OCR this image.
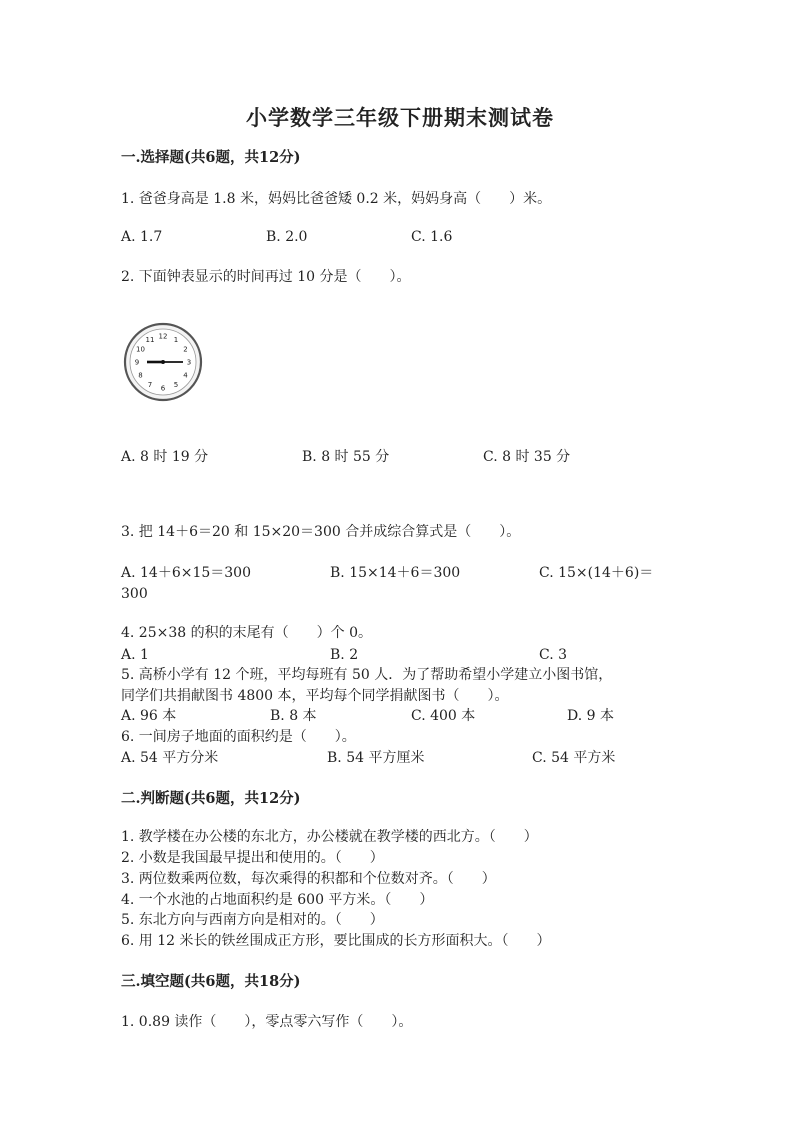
小学数学三年级下册期末测试卷
一.选择题(共6题，共12分)
1. 爸爸身高是 1.8 米，妈妈比爸爸矮 0.2 米，妈妈身高（　　）米。
A. 1.7	B. 2.0	C. 1.6
2. 下面钟表显示的时间再过 10 分是（　　）。
12 1
2
3
4
5
6
7
8
9
10
11
A. 8 时 19 分	B. 8 时 55 分	C. 8 时 35 分
3. 把 14＋6＝20 和 15×20＝300 合并成综合算式是（　　）。
A. 14＋6×15＝300	B. 15×14＋6＝300	C. 15×(14＋6)＝
300
4. 25×38 的积的末尾有（　　）个 0。
A. 1	B. 2	C. 3
5. 高桥小学有 12 个班，平均每班有 50 人．为了帮助希望小学建立小图书馆，
同学们共捐献图书 4800 本，平均每个同学捐献图书（　　）。
A. 96 本	B. 8 本	C. 400 本	D. 9 本
6. 一间房子地面的面积约是（　　）。
A. 54 平方分米	B. 54 平方厘米	C. 54 平方米
二.判断题(共6题，共12分)
1. 教学楼在办公楼的东北方，办公楼就在教学楼的西北方。（　　）
2. 小数是我国最早提出和使用的。（　　）
3. 两位数乘两位数，每次乘得的积都和个位数对齐。（　　）
4. 一个水池的占地面积约是 600 平方米。（　　）
5. 东北方向与西南方向是相对的。（　　）
6. 用 12 米长的铁丝围成正方形，要比围成的长方形面积大。（　　）
三.填空题(共6题，共18分)
1. 0.89 读作（　　），零点零六写作（　　）。
